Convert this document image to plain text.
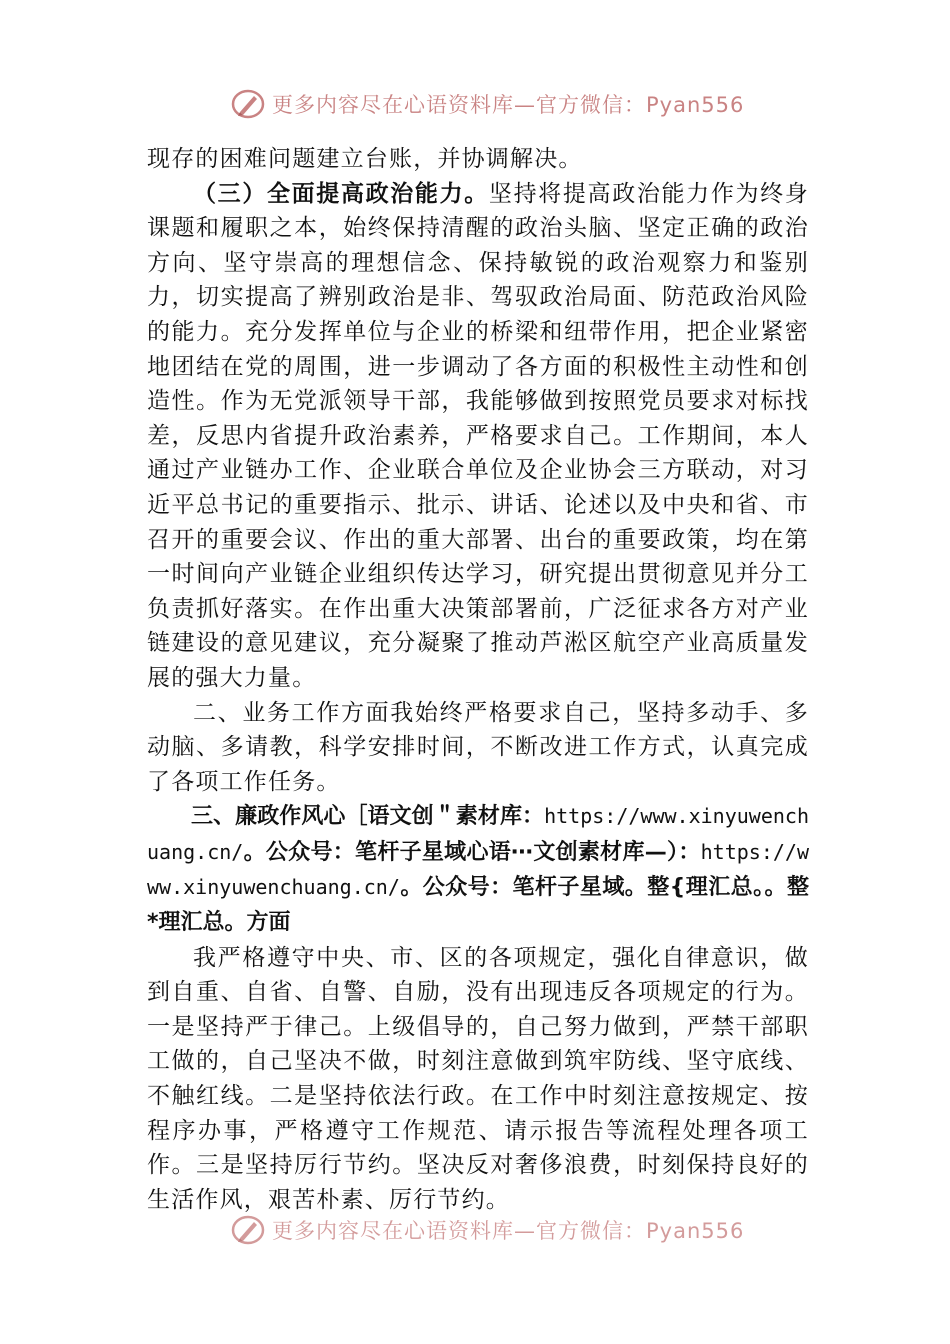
更多内容尽在心语资料库—官方微信：Pyan556

现存的困难问题建立台账，并协调解决。

（三）全面提高政治能力。坚持将提高政治能力作为终身课题和履职之本，始终保持清醒的政治头脑、坚定正确的政治方向、坚守崇高的理想信念、保持敏锐的政治观察力和鉴别力，切实提高了辨别政治是非、驾驭政治局面、防范政治风险的能力。充分发挥单位与企业的桥梁和纽带作用，把企业紧密地团结在党的周围，进一步调动了各方面的积极性主动性和创造性。作为无党派领导干部，我能够做到按照党员要求对标找差，反思内省提升政治素养，严格要求自己。工作期间，本人通过产业链办工作、企业联合单位及企业协会三方联动，对习近平总书记的重要指示、批示、讲话、论述以及中央和省、市召开的重要会议、作出的重大部署、出台的重要政策，均在第一时间向产业链企业组织传达学习，研究提出贯彻意见并分工负责抓好落实。在作出重大决策部署前，广泛征求各方对产业链建设的意见建议，充分凝聚了推动芦淞区航空产业高质量发展的强大力量。

二、业务工作方面我始终严格要求自己，坚持多动手、多动脑、多请教，科学安排时间，不断改进工作方式，认真完成了各项工作任务。

三、廉政作风心［语文创＂素材库：https://www.xinyuwenchuang.cn/。公众号：笔杆子星域心语⋯文创素材库—）：https://www.xinyuwenchuang.cn/。公众号：笔杆子星域。整{理汇总。。整*理汇总。方面

我严格遵守中央、市、区的各项规定，强化自律意识，做到自重、自省、自警、自励，没有出现违反各项规定的行为。一是坚持严于律己。上级倡导的，自己努力做到，严禁干部职工做的，自己坚决不做，时刻注意做到筑牢防线、坚守底线、不触红线。二是坚持依法行政。在工作中时刻注意按规定、按程序办事，严格遵守工作规范、请示报告等流程处理各项工作。三是坚持厉行节约。坚决反对奢侈浪费，时刻保持良好的生活作风，艰苦朴素、厉行节约。

更多内容尽在心语资料库—官方微信：Pyan556
